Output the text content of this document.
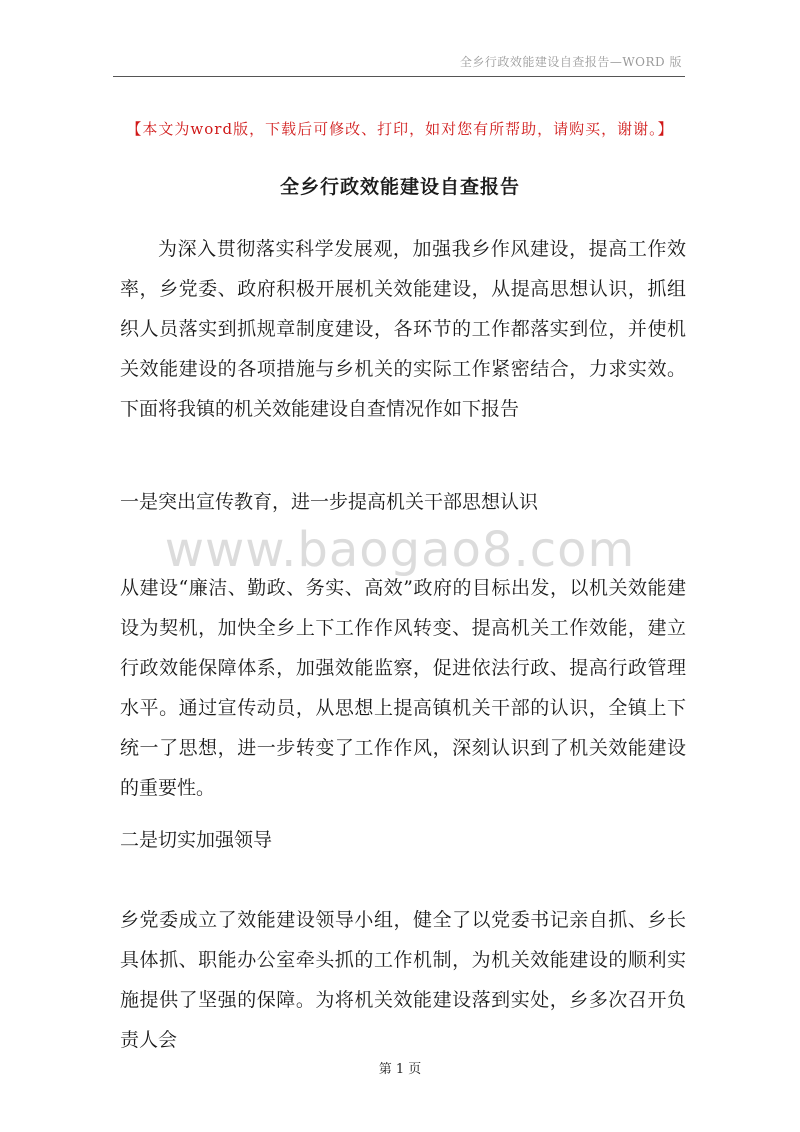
全乡行政效能建设自查报告—WORD 版
【本文为word版，下载后可修改、打印，如对您有所帮助，请购买，谢谢。】
全乡行政效能建设自查报告

为深入贯彻落实科学发展观，加强我乡作风建设，提高工作效率，乡党委、政府积极开展机关效能建设，从提高思想认识，抓组织人员落实到抓规章制度建设，各环节的工作都落实到位，并使机关效能建设的各项措施与乡机关的实际工作紧密结合，力求实效。下面将我镇的机关效能建设自查情况作如下报告

一是突出宣传教育，进一步提高机关干部思想认识

www.baogao8.com

从建设“廉洁、勤政、务实、高效”政府的目标出发，以机关效能建设为契机，加快全乡上下工作作风转变、提高机关工作效能，建立行政效能保障体系，加强效能监察，促进依法行政、提高行政管理水平。通过宣传动员，从思想上提高镇机关干部的认识，全镇上下统一了思想，进一步转变了工作作风，深刻认识到了机关效能建设的重要性。

二是切实加强领导

乡党委成立了效能建设领导小组，健全了以党委书记亲自抓、乡长具体抓、职能办公室牵头抓的工作机制，为机关效能建设的顺利实施提供了坚强的保障。为将机关效能建设落到实处，乡多次召开负责人会

第 1 页
